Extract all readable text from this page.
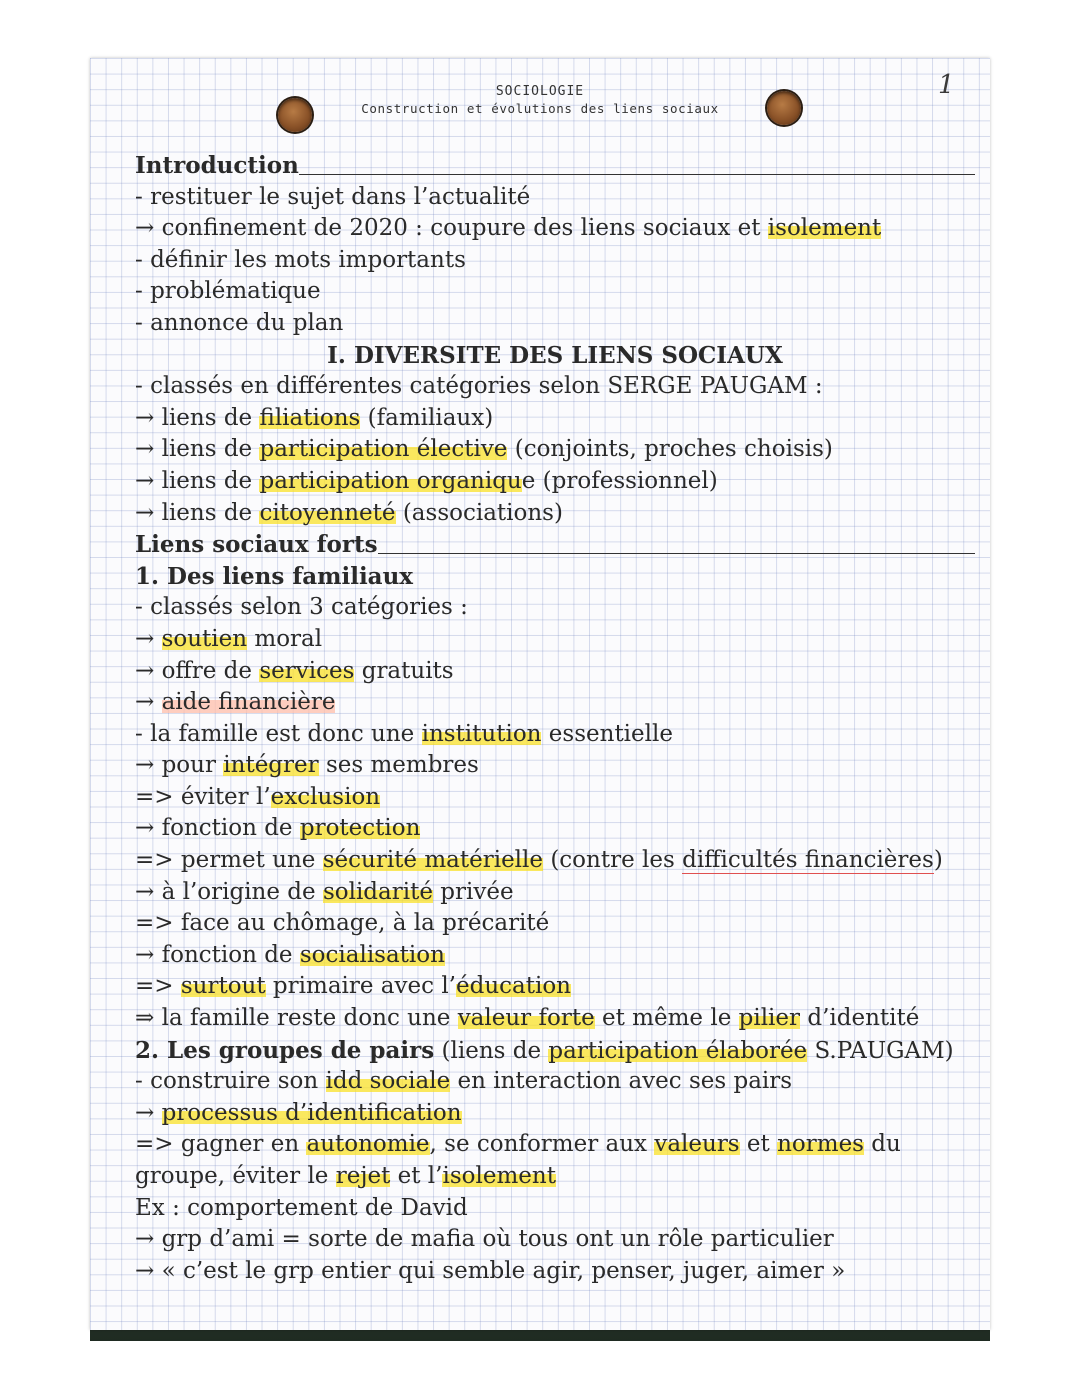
1
SOCIOLOGIE
Construction et évolutions des liens sociaux
Introduction
- restituer le sujet dans l’actualité
→ confinement de 2020 : coupure des liens sociaux et isolement
- définir les mots importants
- problématique
- annonce du plan
I. DIVERSITE DES LIENS SOCIAUX
- classés en différentes catégories selon SERGE PAUGAM :
→ liens de filiations (familiaux)
→ liens de participation élective (conjoints, proches choisis)
→ liens de participation organique (professionnel)
→ liens de citoyenneté (associations)
Liens sociaux forts
1. Des liens familiaux
- classés selon 3 catégories :
→ soutien moral
→ offre de services gratuits
→ aide financière
- la famille est donc une institution essentielle
→ pour intégrer ses membres
=> éviter l’exclusion
→ fonction de protection
=> permet une sécurité matérielle (contre les difficultés financières)
→ à l’origine de solidarité privée
=> face au chômage, à la précarité
→ fonction de socialisation
=> surtout primaire avec l’éducation
⇒ la famille reste donc une valeur forte et même le pilier d’identité
2. Les groupes de pairs (liens de participation élaborée S.PAUGAM)
- construire son idd sociale en interaction avec ses pairs
→ processus d’identification
=> gagner en autonomie, se conformer aux valeurs et normes du
groupe, éviter le rejet et l’isolement
Ex : comportement de David
→ grp d’ami = sorte de mafia où tous ont un rôle particulier
→ « c’est le grp entier qui semble agir, penser, juger, aimer »
